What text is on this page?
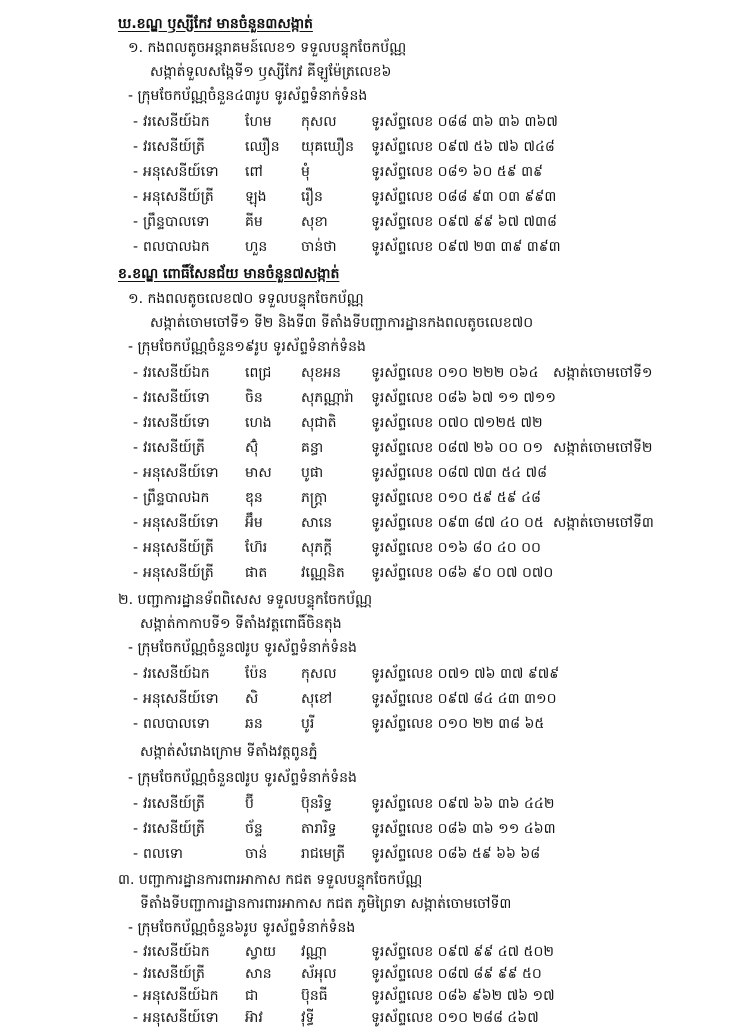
ឃ.ខណ្ឌ ឫស្សីកែវ មានចំនួន៣សង្កាត់
១. កងពលតូចអន្តរាគមន៍លេខ១ ទទួលបន្ទុកចែកប័ណ្ណ
សង្កាត់ទួលសង្កែទី១ ឫស្សីកែវ គីឡូម៉ែត្រលេខ៦
- ក្រុមចែកប័ណ្ណចំនួន៤៣រូប ទូរស័ព្ទទំនាក់ទំនង
- វរសេនីយ៍ឯក	ហែម កុសល ទូរស័ព្ទលេខ ០៨៨ ៣៦ ៣៦ ៣៦៧
- វរសេនីយ៍ត្រី	ឈឿន យុគឃឿន ទូរស័ព្ទលេខ ០៩៧ ៥៦ ៧៦ ៧៤៨
- អនុសេនីយ៍ទោ ពៅ	មុំ	ទូរស័ព្ទលេខ ០៨១ ៦០ ៥៩ ៣៩
- អនុសេនីយ៍ត្រី ឡុង រឿន	ទូរស័ព្ទលេខ ០៨៨ ៩៣ ០៣ ៩៩៣
- ព្រឹន្ទបាលទោ	គីម	សុខា	ទូរស័ព្ទលេខ ០៩៧ ៩៩ ៦៧ ៧៣៨
- ពលបាលឯក	ហួន ចាន់ថា ទូរស័ព្ទលេខ ០៩៧ ២៣ ៣៩ ៣៩៣
ខ.ខណ្ឌ ពោធិ៍សែនជ័យ មានចំនួន៧សង្កាត់
១. កងពលតូចលេខ៧០ ទទួលបន្ទុកចែកប័ណ្ណ
សង្កាត់ចោមចៅទី១ ទី២ និងទី៣ ទីតាំងទីបញ្ជាការដ្ឋានកងពលតូចលេខ៧០
- ក្រុមចែកប័ណ្ណចំនួន១៩រូប ទូរស័ព្ទទំនាក់ទំនង
- វរសេនីយ៍ឯក	ពេជ្រ សុខអន ទូរស័ព្ទលេខ ០១០ ២២២ ០៦៤ សង្កាត់ចោមចៅទី១
- វរសេនីយ៍ទោ	ចិន	សុភណ្ណារ៉ា ទូរស័ព្ទលេខ ០៨៦ ៦៧ ១១ ៧១១
- វរសេនីយ៍ទោ	ហេង សុជាតិ ទូរស័ព្ទលេខ ០៧០ ៧១២៥ ៧២
- វរសេនីយ៍ត្រី	ស៊ុំ	គន្ធា	ទូរស័ព្ទលេខ ០៨៧ ២៦ ០០ ០១ សង្កាត់ចោមចៅទី២
- អនុសេនីយ៍ទោ មាស បូផា	ទូរស័ព្ទលេខ ០៨៧ ៧៣ ៥៤ ៧៨
- ព្រឹន្ទបាលឯក	ឌុន	ភក្ត្រា	ទូរស័ព្ទលេខ ០១០ ៥៩ ៥៩ ៤៨
- អនុសេនីយ៍ទោ អ៊ឹម	សានេ	ទូរស័ព្ទលេខ ០៩៣ ៨៧ ៤០ ០៥ សង្កាត់ចោមចៅទី៣
- អនុសេនីយ៍ត្រី ហ៊ែរ សុភក្តី	ទូរស័ព្ទលេខ ០១៦ ៨០ ៤០ ០០
- អនុសេនីយ៍ត្រី ផាត វណ្ណេនិត ទូរស័ព្ទលេខ ០៨៦ ៩០ ០៧ ០៧០
២. បញ្ជាការដ្ឋានទ័ពពិសេស ទទួលបន្ទុកចែកប័ណ្ណ
សង្កាត់កាកាបទី១ ទីតាំងវត្តពោធិ៍ចិនតុង
- ក្រុមចែកប័ណ្ណចំនួន៧រូប ទូរស័ព្ទទំនាក់ទំនង
- វរសេនីយ៍ឯក	ប៉ែន កុសល ទូរស័ព្ទលេខ ០៧១ ៧៦ ៣៧ ៩៧៩
- អនុសេនីយ៍ទោ សិ	សុខៅ	ទូរស័ព្ទលេខ ០៩៧ ៨៤ ៤៣ ៣១០
- ពលបាលទោ	ឆន	បូរី	ទូរស័ព្ទលេខ ០១០ ២២ ៣៨ ៦៥
សង្កាត់សំរោងក្រោម ទីតាំងវត្តពូនភ្នំ
- ក្រុមចែកប័ណ្ណចំនួន៧រូប ទូរស័ព្ទទំនាក់ទំនង
- វរសេនីយ៍ត្រី	ប៊ី	ប៊ុនរិទ្ធ	ទូរស័ព្ទលេខ ០៩៧ ៦៦ ៣៦ ៤៤២
- វរសេនីយ៍ត្រី	ច័ន្ទ	តារារិទ្ធ ទូរស័ព្ទលេខ ០៨៦ ៣៦ ១១ ៤៦៣
- ពលទោ	ចាន់ រាជមេត្រី ទូរស័ព្ទលេខ ០៨៦ ៥៩ ៦៦ ៦៨
៣. បញ្ជាការដ្ឋានការពារអាកាស កជត ទទួលបន្ទុកចែកប័ណ្ណ
ទីតាំងទីបញ្ជាការដ្ឋានការពារអាកាស កជត ភូមិព្រៃទា សង្កាត់ចោមចៅទី៣
- ក្រុមចែកប័ណ្ណចំនួន៦រូប ទូរស័ព្ទទំនាក់ទំនង
- វរសេនីយ៍ឯក	ស្វាយ វណ្ណា	ទូរស័ព្ទលេខ ០៩៧ ៩៩ ៤៧ ៥០២
- វរសេនីយ៍ត្រី	សាន ស័អុល ទូរស័ព្ទលេខ ០៨៧ ៨៩ ៩៩ ៥០
- អនុសេនីយ៍ឯក ជា	ប៊ុនធី	ទូរស័ព្ទលេខ ០៨៦ ៩៦២ ៧៦ ១៧
- អនុសេនីយ៍ទោ អ៊ាវ	វុទ្ធី	ទូរស័ព្ទលេខ ០១០ ២៨៨ ៤៦៧
